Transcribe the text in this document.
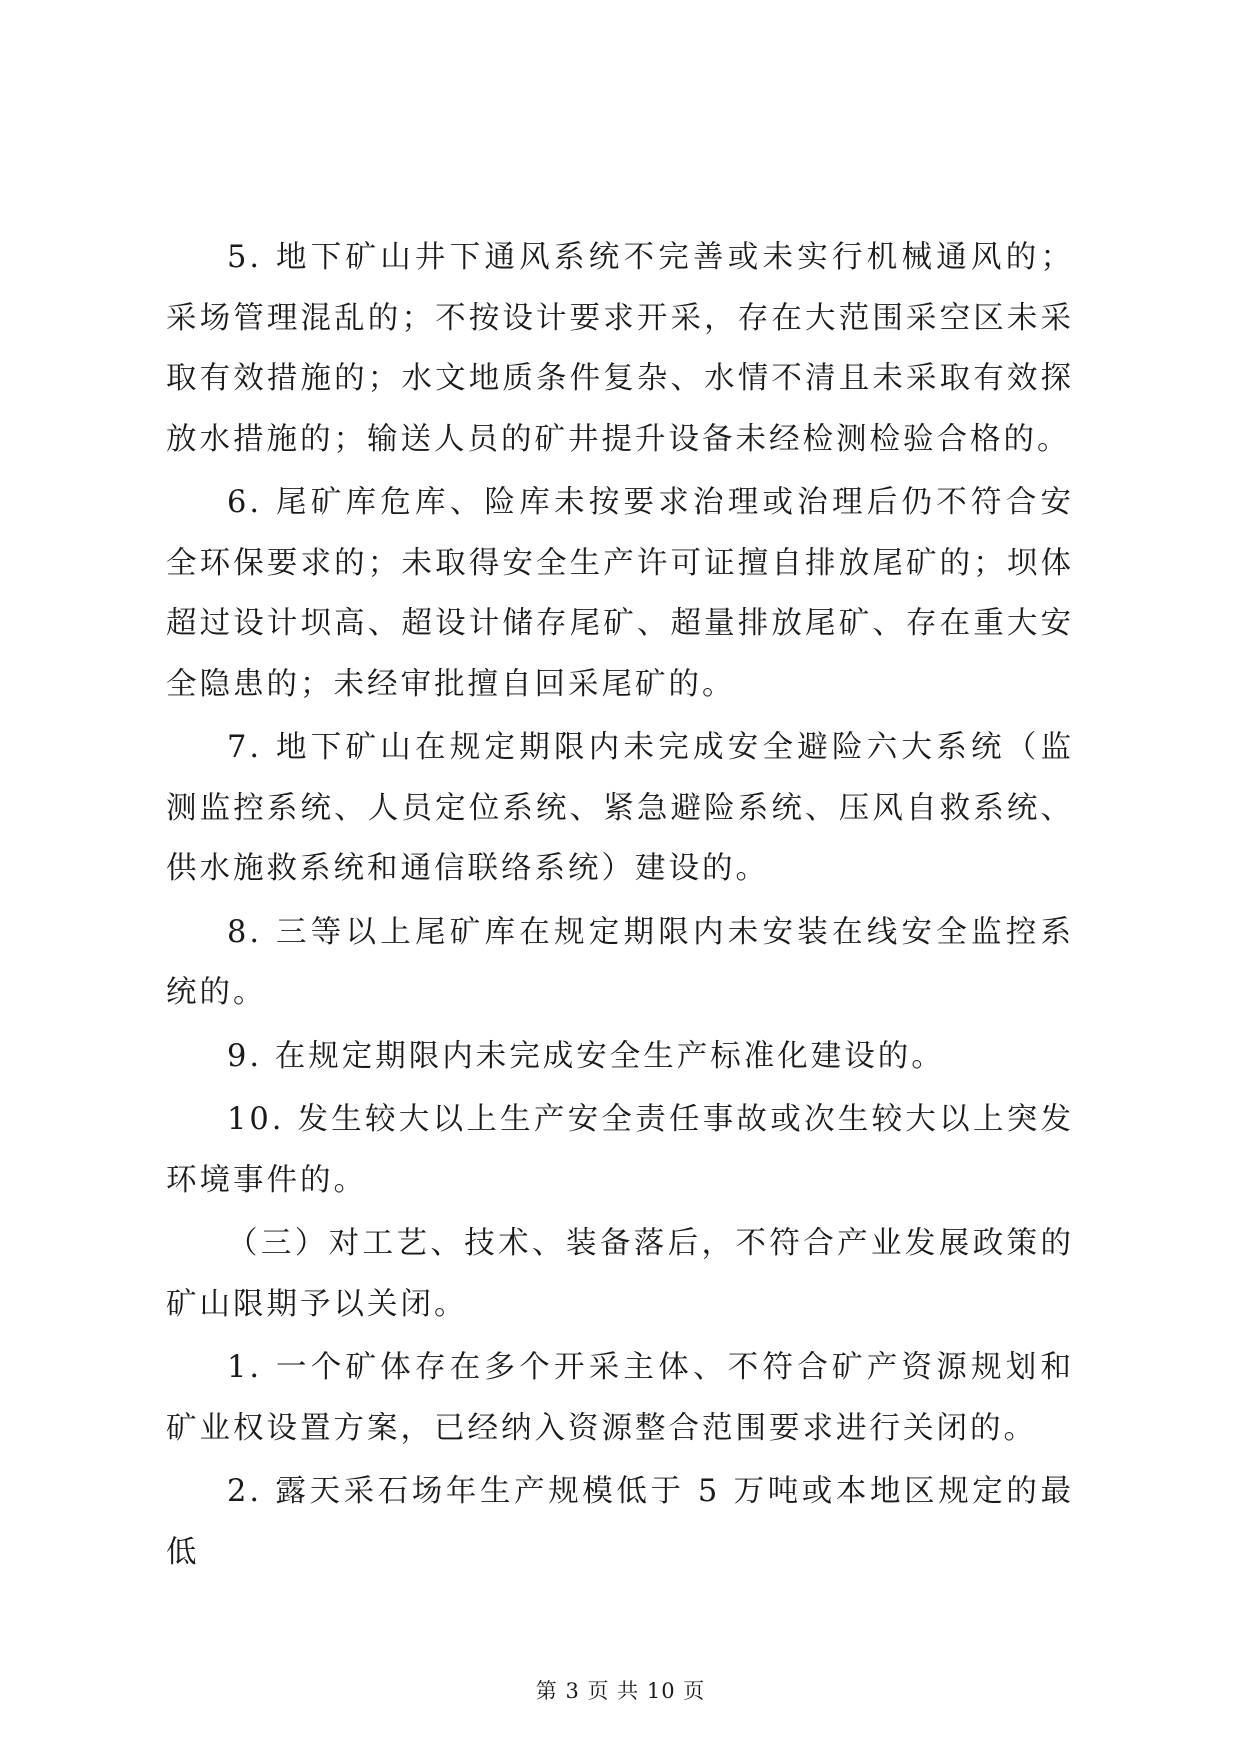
5. 地下矿山井下通风系统不完善或未实行机械通风的；采场管理混乱的；不按设计要求开采，存在大范围采空区未采取有效措施的；水文地质条件复杂、水情不清且未采取有效探放水措施的；输送人员的矿井提升设备未经检测检验合格的。

6. 尾矿库危库、险库未按要求治理或治理后仍不符合安全环保要求的；未取得安全生产许可证擅自排放尾矿的；坝体超过设计坝高、超设计储存尾矿、超量排放尾矿、存在重大安全隐患的；未经审批擅自回采尾矿的。

7. 地下矿山在规定期限内未完成安全避险六大系统（监测监控系统、人员定位系统、紧急避险系统、压风自救系统、供水施救系统和通信联络系统）建设的。

8. 三等以上尾矿库在规定期限内未安装在线安全监控系统的。

9. 在规定期限内未完成安全生产标准化建设的。

10. 发生较大以上生产安全责任事故或次生较大以上突发环境事件的。

（三）对工艺、技术、装备落后，不符合产业发展政策的矿山限期予以关闭。

1. 一个矿体存在多个开采主体、不符合矿产资源规划和矿业权设置方案，已经纳入资源整合范围要求进行关闭的。

2. 露天采石场年生产规模低于 5 万吨或本地区规定的最低

第 3 页 共 10 页
